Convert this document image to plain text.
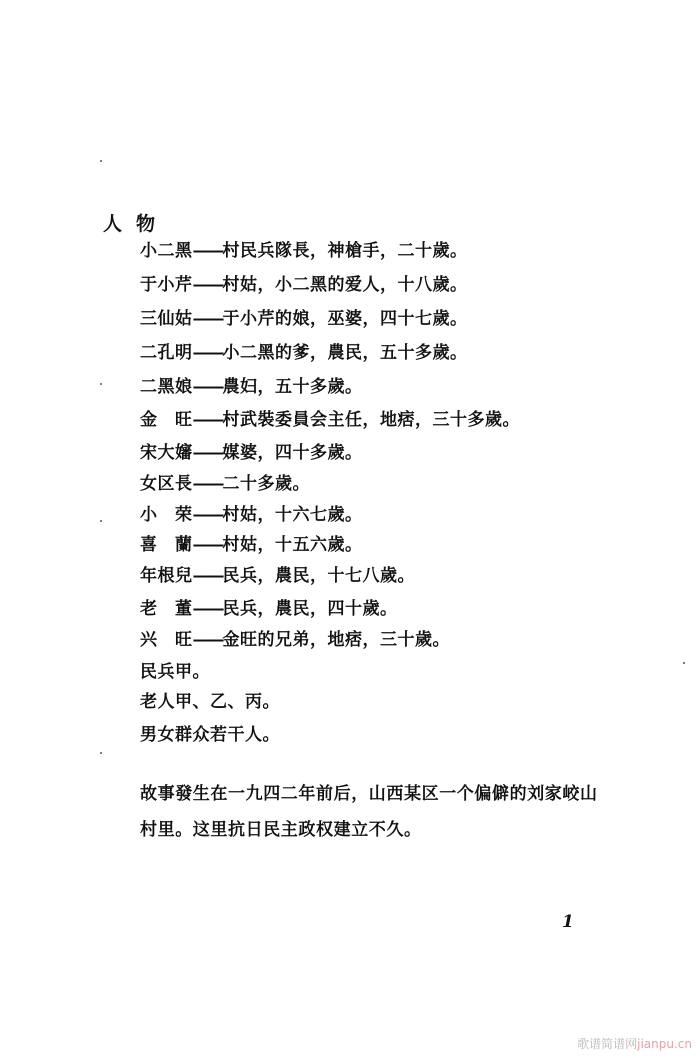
人物
小二黑——村民兵隊長，神槍手，二十歲。
于小芹——村姑，小二黑的爱人，十八歲。
三仙姑——于小芹的娘，巫婆，四十七歲。
二孔明——小二黑的爹，農民，五十多歲。
二黑娘——農妇，五十多歲。
金　旺——村武裝委員会主任，地痞，三十多歲。
宋大嬸——媒婆，四十多歲。
女区長——二十多歲。
小　荣——村姑，十六七歲。
喜　蘭——村姑，十五六歲。
年根兒——民兵，農民，十七八歲。
老　董——民兵，農民，四十歲。
兴　旺——金旺的兄弟，地痞，三十歲。
民兵甲。
老人甲、乙、丙。
男女群众若干人。
故事發生在一九四二年前后，山西某区一个偏僻的刘家峧山村里。这里抗日民主政权建立不久。
1
歌谱简谱网jianpu.cn
